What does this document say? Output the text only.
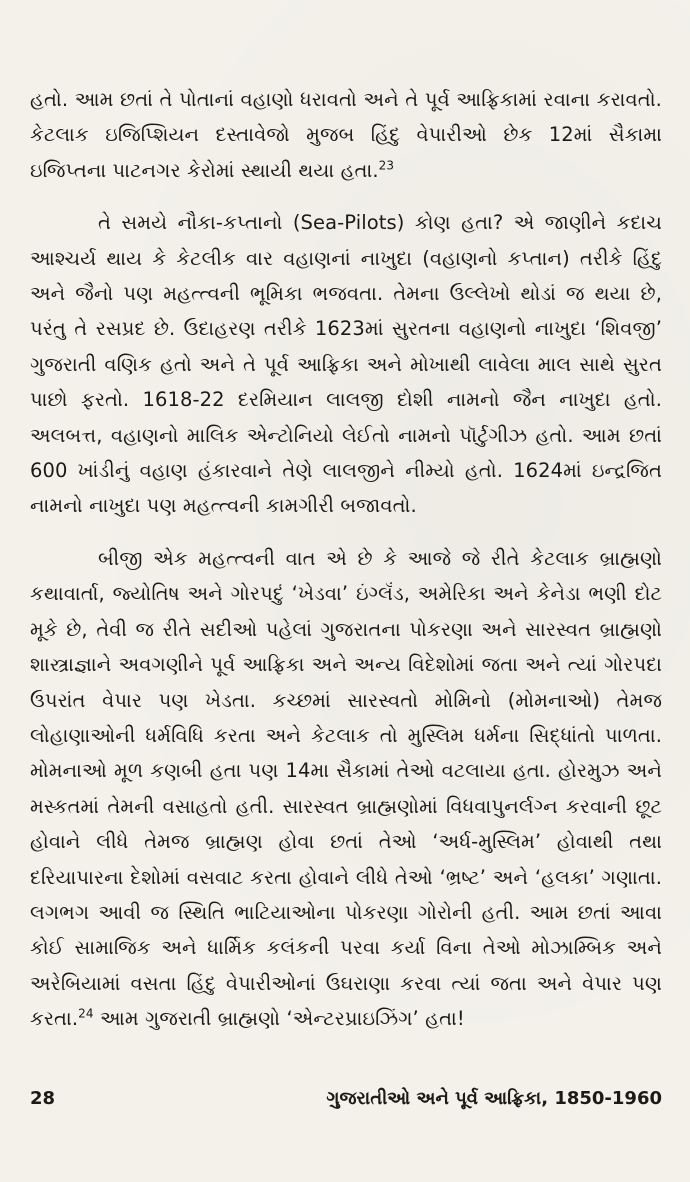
હતો. આમ છતાં તે પોતાનાં વહાણો ધરાવતો અને તે પૂર્વ આફ્રિકામાં રવાના કરાવતો. કેટલાક ઇજિપ્શિયન દસ્તાવેજો મુજબ હિંદુ વેપારીઓ છેક 12માં સૈકામા ઇજિપ્તના પાટનગર કેરોમાં સ્થાયી થયા હતા.$^{23}$

તે સમયે નૌકા-કપ્તાનો (Sea-Pilots) કોણ હતા? એ જાણીને કદાચ આશ્ચર્ય થાય કે કેટલીક વાર વહાણનાં નાખુદા (વહાણનો કપ્તાન) તરીકે હિંદુ અને જૈનો પણ મહત્ત્વની ભૂમિકા ભજવતા. તેમના ઉલ્લેખો થોડાં જ થયા છે, પરંતુ તે રસપ્રદ છે. ઉદાહરણ તરીકે 1623માં સુરતના વહાણનો નાખુદા ‘શિવજી’ ગુજરાતી વણિક હતો અને તે પૂર્વ આફ્રિકા અને મોખાથી લાવેલા માલ સાથે સુરત પાછો ફરતો. 1618-22 દરમિયાન લાલજી દોશી નામનો જૈન નાખુદા હતો. અલબત્ત, વહાણનો માલિક એન્ટોનિયો લેઈતો નામનો પૉર્ટુગીઝ હતો. આમ છતાં 600 ખાંડીનું વહાણ હંકારવાને તેણે લાલજીને નીમ્યો હતો. 1624માં ઇન્દ્રજિત નામનો નાખુદા પણ મહત્ત્વની કામગીરી બજાવતો.

બીજી એક મહત્ત્વની વાત એ છે કે આજે જે રીતે કેટલાક બ્રાહ્મણો કથાવાર્તા, જ્યોતિષ અને ગોરપદું ‘ખેડવા’ ઇંગ્લૅંડ, અમેરિકા અને કેનેડા ભણી દોટ મૂકે છે, તેવી જ રીતે સદીઓ પહેલાં ગુજરાતના પોકરણા અને સારસ્વત બ્રાહ્મણો શાસ્ત્રાજ્ઞાને અવગણીને પૂર્વ આફ્રિકા અને અન્ય વિદેશોમાં જતા અને ત્યાં ગોરપદા ઉપરાંત વેપાર પણ ખેડતા. કચ્છમાં સારસ્વતો મોમિનો (મોમનાઓ) તેમજ લોહાણાઓની ધર્મવિધિ કરતા અને કેટલાક તો મુસ્લિમ ધર્મના સિદ્ધાંતો પાળતા. મોમનાઓ મૂળ કણબી હતા પણ 14મા સૈકામાં તેઓ વટલાયા હતા. હોરમુઝ અને મસ્કતમાં તેમની વસાહતો હતી. સારસ્વત બ્રાહ્મણોમાં વિધવાપુનર્લગ્ન કરવાની છૂટ હોવાને લીધે તેમજ બ્રાહ્મણ હોવા છતાં તેઓ ‘અર્ધ-મુસ્લિમ’ હોવાથી તથા દરિયાપારના દેશોમાં વસવાટ કરતા હોવાને લીધે તેઓ ‘ભ્રષ્ટ’ અને ‘હલકા’ ગણાતા. લગભગ આવી જ સ્થિતિ ભાટિયાઓના પોકરણા ગોરોની હતી. આમ છતાં આવા કોઈ સામાજિક અને ધાર્મિક કલંકની પરવા કર્યા વિના તેઓ મોઝામ્બિક અને અરેબિયામાં વસતા હિંદુ વેપારીઓનાં ઉઘરાણા કરવા ત્યાં જતા અને વેપાર પણ કરતા.$^{24}$ આમ ગુજરાતી બ્રાહ્મણો ‘એન્ટરપ્રાઇઝિંગ’ હતા!

28	ગુજરાતીઓ અને પૂર્વ આફ્રિકા, 1850-1960
